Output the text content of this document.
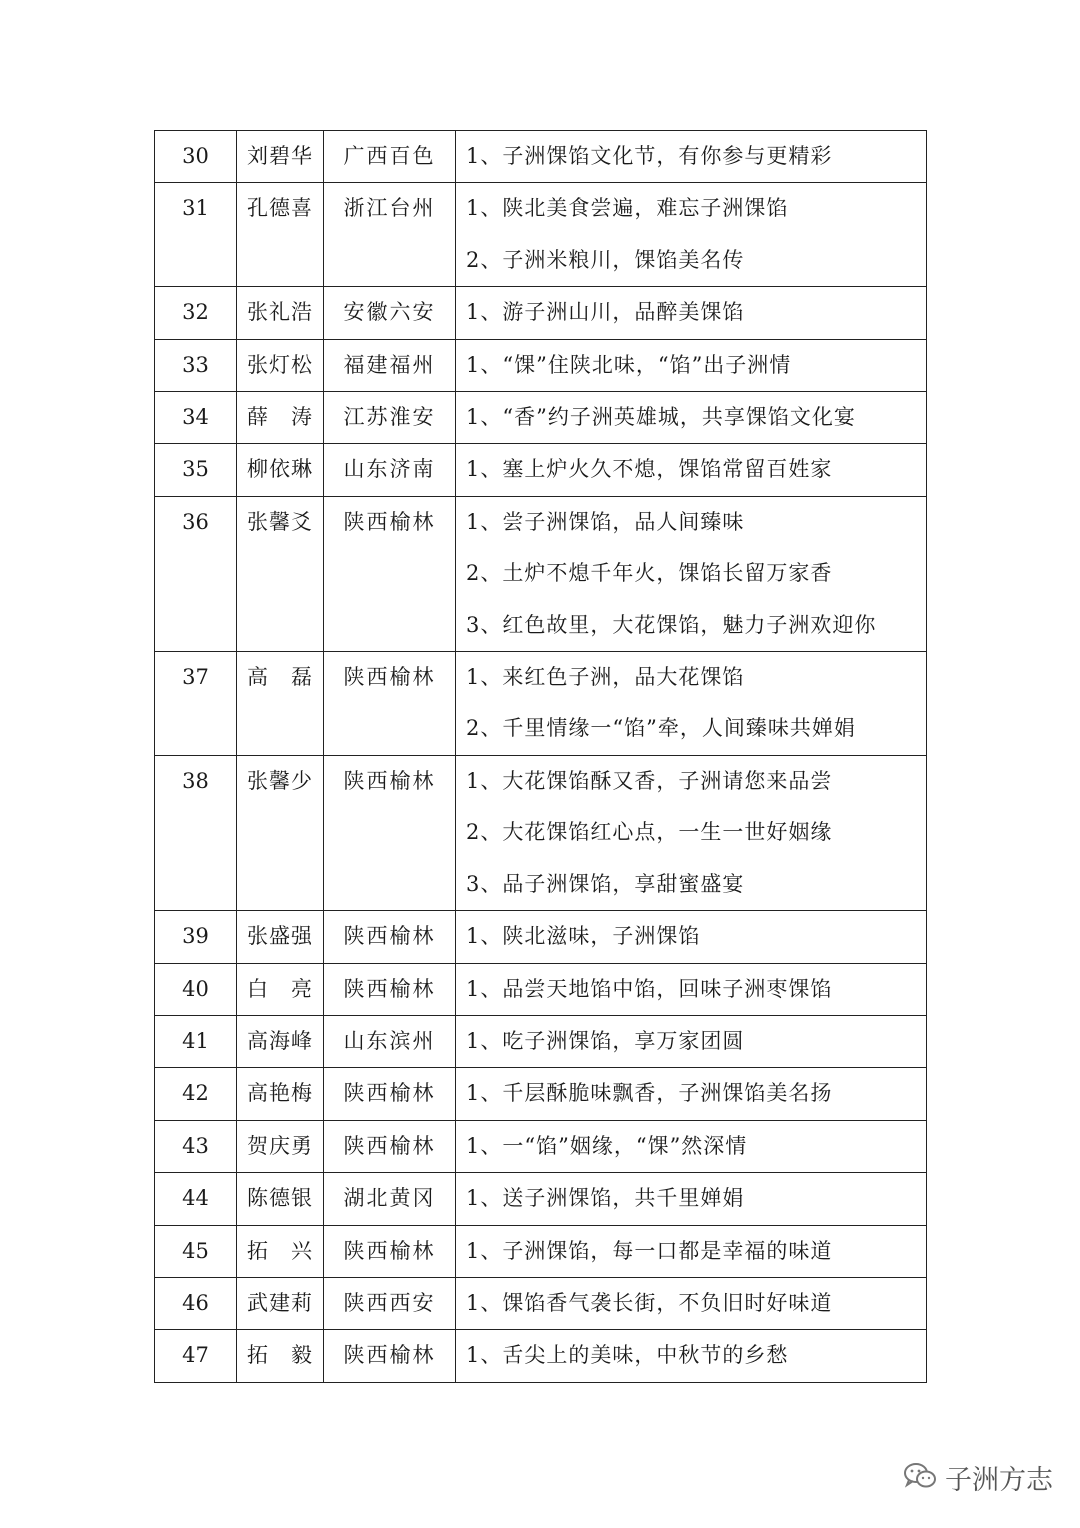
30	刘碧华	广西百色	1、子洲馃馅文化节，有你参与更精彩

31	孔德喜	浙江台州	1、陕北美食尝遍，难忘子洲馃馅
2、子洲米粮川，馃馅美名传

32	张礼浩	安徽六安	1、游子洲山川，品醉美馃馅

33	张灯松	福建福州	1、“馃”住陕北味，“馅”出子洲情

34	薛　涛	江苏淮安	1、“香”约子洲英雄城，共享馃馅文化宴

35	柳依琳	山东济南	1、塞上炉火久不熄，馃馅常留百姓家

36	张馨爻	陕西榆林	1、尝子洲馃馅，品人间臻味
2、土炉不熄千年火，馃馅长留万家香
3、红色故里，大花馃馅，魅力子洲欢迎你

37	高　磊	陕西榆林	1、来红色子洲，品大花馃馅
2、千里情缘一“馅”牵，人间臻味共婵娟

38	张馨少	陕西榆林	1、大花馃馅酥又香，子洲请您来品尝
2、大花馃馅红心点，一生一世好姻缘
3、品子洲馃馅，享甜蜜盛宴

39	张盛强	陕西榆林	1、陕北滋味，子洲馃馅

40	白　亮	陕西榆林	1、品尝天地馅中馅，回味子洲枣馃馅

41	高海峰	山东滨州	1、吃子洲馃馅，享万家团圆

42	高艳梅	陕西榆林	1、千层酥脆味飘香，子洲馃馅美名扬

43	贺庆勇	陕西榆林	1、一“馅”姻缘，“馃”然深情

44	陈德银	湖北黄冈	1、送子洲馃馅，共千里婵娟

45	拓　兴	陕西榆林	1、子洲馃馅，每一口都是幸福的味道

46	武建莉	陕西西安	1、馃馅香气袭长街，不负旧时好味道

47	拓　毅	陕西榆林	1、舌尖上的美味，中秋节的乡愁
子洲方志
